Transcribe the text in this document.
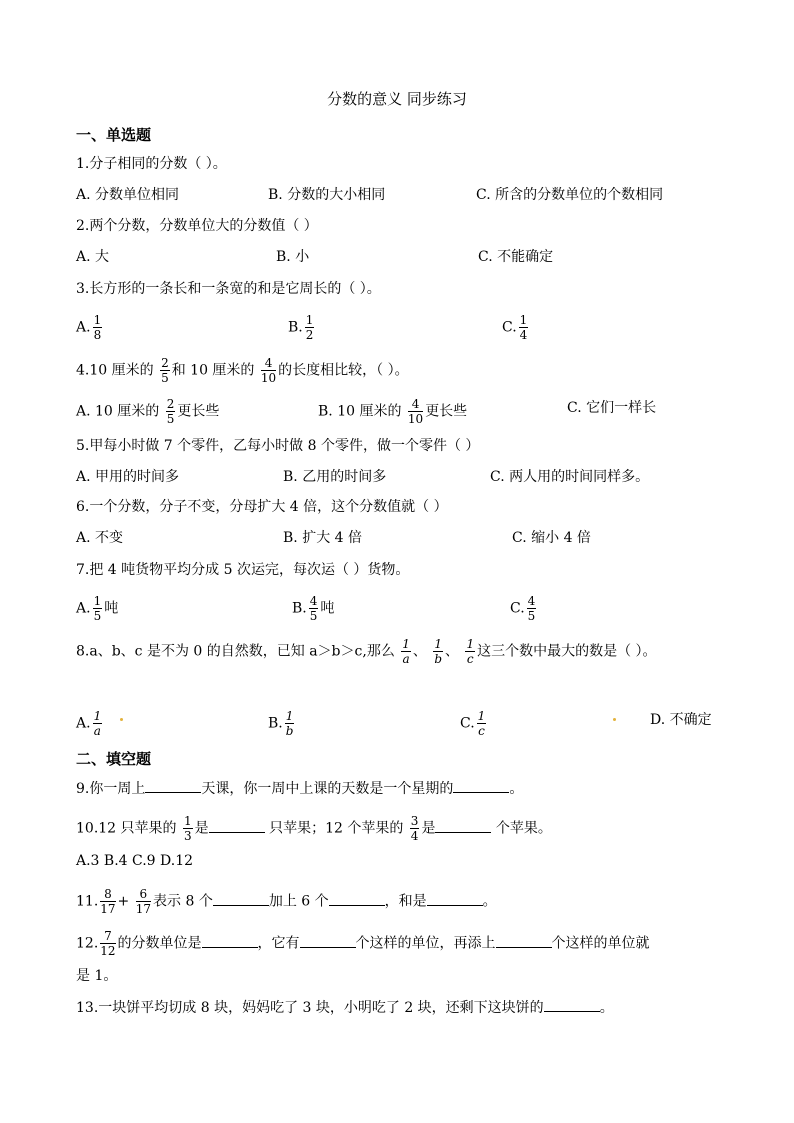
分数的意义 同步练习
一、单选题
1.分子相同的分数（ ）。
A. 分数单位相同	B. 分数的大小相同	C. 所含的分数单位的个数相同
2.两个分数，分数单位大的分数值（ ）
A. 大	B. 小	C. 不能确定
3.长方形的一条长和一条宽的和是它周长的（ ）。
A. $\frac{1}{8}$	B. $\frac{1}{2}$	C. $\frac{1}{4}$
4.10 厘米的 $\frac{2}{5}$ 和 10 厘米的 $\frac{4}{10}$ 的长度相比较，（ ）。
A. 10 厘米的 $\frac{2}{5}$ 更长些	B. 10 厘米的 $\frac{4}{10}$ 更长些	C. 它们一样长
5.甲每小时做 7 个零件，乙每小时做 8 个零件，做一个零件（ ）
A. 甲用的时间多	B. 乙用的时间多	C. 两人用的时间同样多。
6.一个分数，分子不变，分母扩大 4 倍，这个分数值就（ ）
A. 不变	B. 扩大 4 倍	C. 缩小 4 倍
7.把 4 吨货物平均分成 5 次运完，每次运（ ）货物。
A. $\frac{1}{5}$ 吨	B. $\frac{4}{5}$ 吨	C. $\frac{4}{5}$
8.a、b、c 是不为 0 的自然数，已知 a＞b＞c,那么 $\frac{1}{a}$ 、 $\frac{1}{b}$ 、 $\frac{1}{c}$ 这三个数中最大的数是（ ）。
A. $\frac{1}{a}$	B. $\frac{1}{b}$	C. $\frac{1}{c}$	D. 不确定
二、填空题
9.你一周上	天课，你一周中上课的天数是一个星期的	。
10.12 只苹果的 $\frac{1}{3}$ 是	只苹果；12 个苹果的 $\frac{3}{4}$ 是	个苹果。
A.3 B.4 C.9 D.12
11. $\frac{8}{17} + \frac{6}{17}$ 表示 8 个	加上 6 个	，和是	。
12. $\frac{7}{12}$ 的分数单位是	，它有	个这样的单位，再添上	个这样的单位就
是 1。
13.一块饼平均切成 8 块，妈妈吃了 3 块，小明吃了 2 块，还剩下这块饼的	。
